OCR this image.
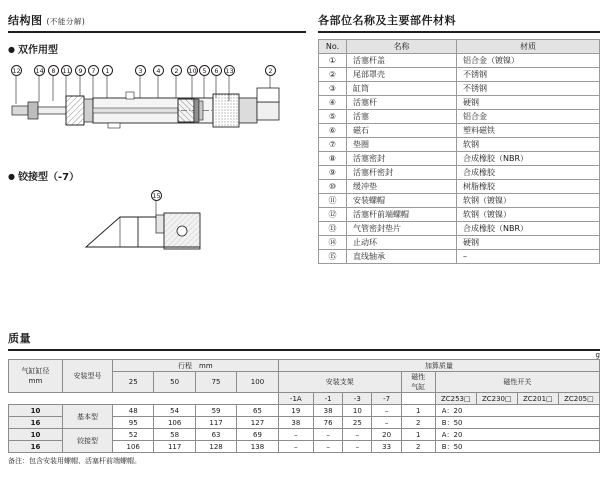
结构图 (不能分解)
● 双作用型
12 14	8	11	9	7	1	3	4	2	10 5	6	13	2
● 铰接型（-7）
15
各部位名称及主要部件材料
No.	名称	材质
①	活塞杆盖	铝合金（镀镍）
②	尾部罩壳	不锈钢
③	缸筒	不锈钢
④	活塞杆	硬钢
⑤	活塞	铝合金
⑥	磁石	塑料磁铁
⑦	垫圈	软钢
⑧	活塞密封	合成橡胶（NBR）
⑨	活塞杆密封	合成橡胶
⑩	缓冲垫	树脂橡胶
⑪	安装螺帽	软钢（镀镍）
⑫	活塞杆前端螺帽	软钢（镀镍）
⑬	气管密封垫片	合成橡胶（NBR）
⑭	止动环	硬钢
⑮	直线轴承	–
质量
g
气缸缸径
mm	安装型号	行程　mm				加算质量								
		25	50	75	100	安装支架				磁性
气缸	磁性开关			
						-1A	-1	-3	-7		ZC253□	ZC230□	ZC201□	ZC205□
10	基本型	48	54	59	65	19	38	10	–	1	A：20			
16		95	106	117	127	38	76	25	–	2	B：50			
10	铰接型	52	58	63	69	–	–	–	20	1	A：20			
16		106	117	128	138	–	–	–	33	2	B：50			
备注：包含安装用螺帽、活塞杆前端螺帽。
